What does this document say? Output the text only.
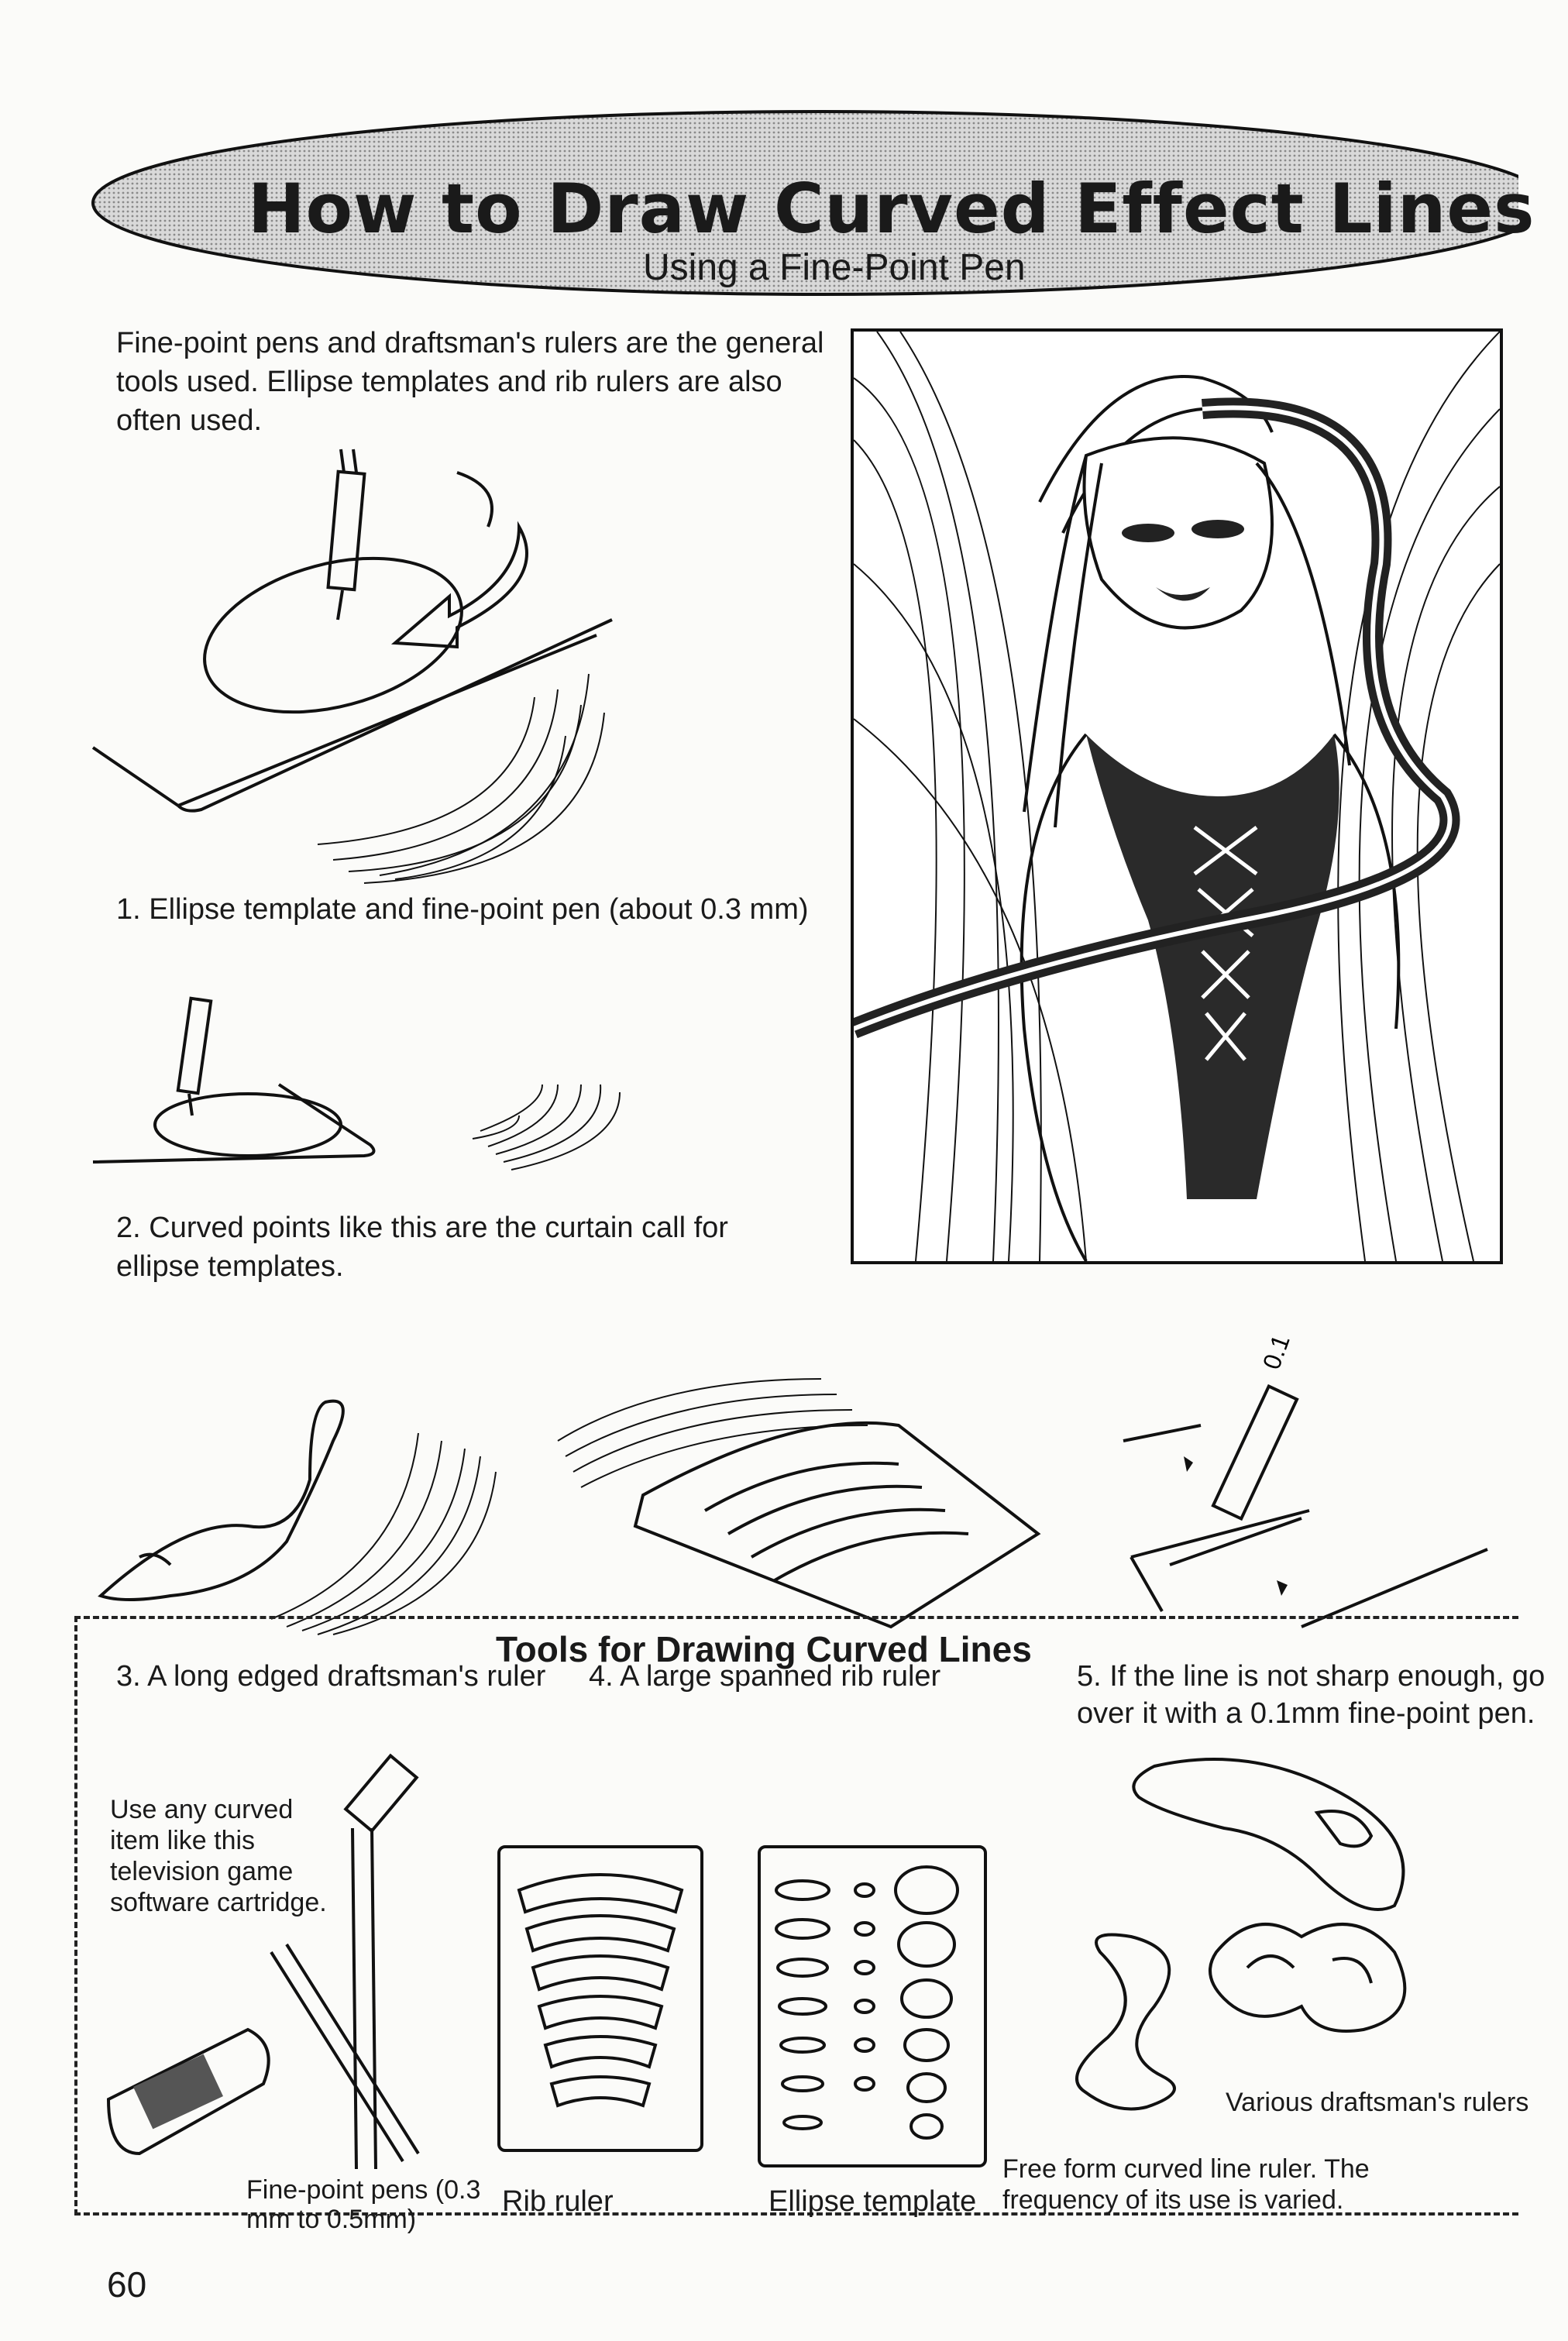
How to Draw Curved Effect Lines
Using a Fine-Point Pen
Fine-point pens and draftsman's rulers are the general tools used. Ellipse templates and rib rulers are also often used.
1. Ellipse template and fine-point pen (about 0.3 mm)
2. Curved points like this are the curtain call for ellipse templates.
3. A long edged draftsman's ruler 4. A large spanned rib ruler
0.1
5. If the line is not sharp enough, go over it with a 0.1mm fine-point pen.
Tools for Drawing Curved Lines
Use any curved item like this television game software cartridge.
Fine-point pens (0.3 mm to 0.5mm)
Rib ruler	Ellipse template
Various draftsman's rulers
Free form curved line ruler. The frequency of its use is varied.
60
